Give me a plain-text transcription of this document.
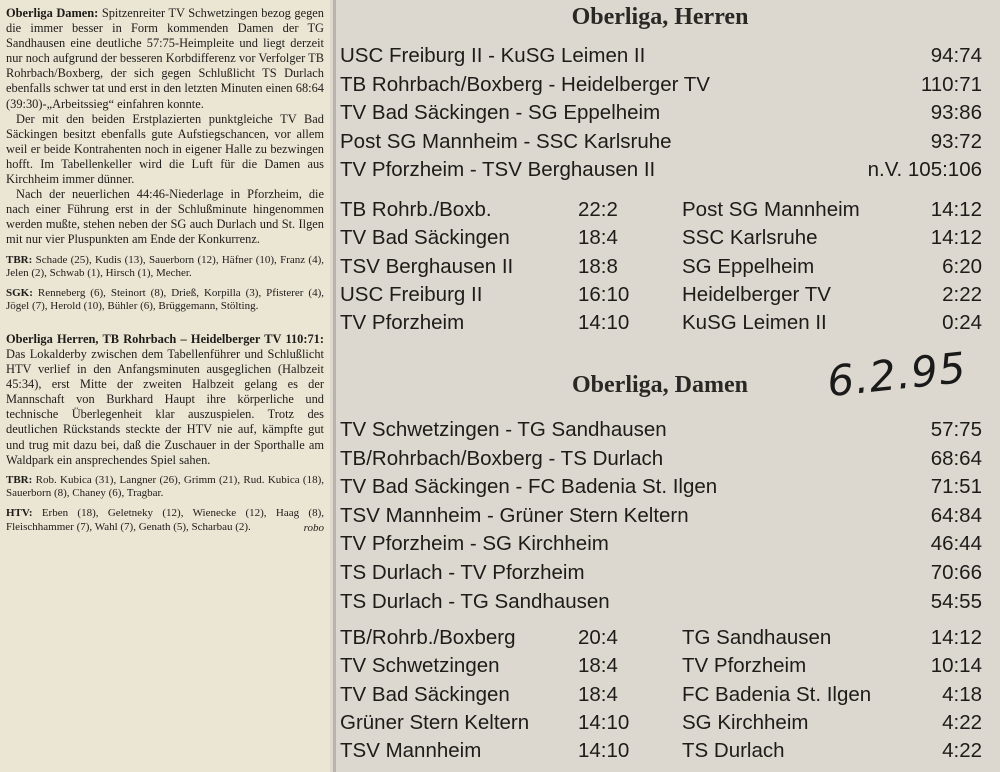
Oberliga Damen: Spitzenreiter TV Schwetzingen bezog gegen die immer besser in Form kommenden Damen der TG Sandhausen eine deutliche 57:75-Heimpleite und liegt derzeit nur noch aufgrund der besseren Korbdifferenz vor Verfolger TB Rohrbach/Boxberg, der sich gegen Schlußlicht TS Durlach ebenfalls schwer tat und erst in den letzten Minuten einen 68:64 (39:30)-„Arbeitssieg“ einfahren konnte.

Der mit den beiden Erstplazierten punktgleiche TV Bad Säckingen besitzt ebenfalls gute Aufstiegschancen, vor allem weil er beide Kontrahenten noch in eigener Halle zu bezwingen hofft. Im Tabellenkeller wird die Luft für die Damen aus Kirchheim immer dünner.

Nach der neuerlichen 44:46-Niederlage in Pforzheim, die nach einer Führung erst in der Schlußminute hingenommen werden mußte, stehen neben der SG auch Durlach und St. Ilgen mit nur vier Pluspunkten am Ende der Konkurrenz.

TBR: Schade (25), Kudis (13), Sauerborn (12), Häfner (10), Franz (4), Jelen (2), Schwab (1), Hirsch (1), Mecher.

SGK: Renneberg (6), Steinort (8), Drieß, Korpilla (3), Pfisterer (4), Jögel (7), Herold (10), Bühler (6), Brüggemann, Stölting.

Oberliga Herren, TB Rohrbach – Heidelberger TV 110:71: Das Lokalderby zwischen dem Tabellenführer und Schlußlicht HTV verlief in den Anfangsminuten ausgeglichen (Halbzeit 45:34), erst Mitte der zweiten Halbzeit gelang es der Mannschaft von Burkhard Haupt ihre körperliche und technische Überlegenheit klar auszuspielen. Trotz des deutlichen Rückstands steckte der HTV nie auf, kämpfte gut und trug mit dazu bei, daß die Zuschauer in der Sporthalle am Waldpark ein ansprechendes Spiel sahen.

TBR: Rob. Kubica (31), Langner (26), Grimm (21), Rud. Kubica (18), Sauerborn (8), Chaney (6), Tragbar.

HTV: Erben (18), Geletneky (12), Wienecke (12), Haag (8), Fleischhammer (7), Wahl (7), Genath (5), Scharbau (2).	robo
Oberliga, Herren
USC Freiburg II - KuSG Leimen II	94:74
TB Rohrbach/Boxberg - Heidelberger TV	110:71
TV Bad Säckingen - SG Eppelheim	93:86
Post SG Mannheim - SSC Karlsruhe	93:72
TV Pforzheim - TSV Berghausen II	n.V. 105:106
TB Rohrb./Boxb.	22:2	Post SG Mannheim	14:12
TV Bad Säckingen	18:4	SSC Karlsruhe	14:12
TSV Berghausen II	18:8	SG Eppelheim	6:20
USC Freiburg II	16:10	Heidelberger TV	2:22
TV Pforzheim	14:10	KuSG Leimen II	0:24
Oberliga, Damen
TV Schwetzingen - TG Sandhausen	57:75
TB/Rohrbach/Boxberg - TS Durlach	68:64
TV Bad Säckingen - FC Badenia St. Ilgen	71:51
TSV Mannheim - Grüner Stern Keltern	64:84
TV Pforzheim - SG Kirchheim	46:44
TS Durlach - TV Pforzheim	70:66
TS Durlach - TG Sandhausen	54:55
TB/Rohrb./Boxberg	20:4	TG Sandhausen	14:12
TV Schwetzingen	18:4	TV Pforzheim	10:14
TV Bad Säckingen	18:4	FC Badenia St. Ilgen	4:18
Grüner Stern Keltern 14:10	SG Kirchheim	4:22
TSV Mannheim	14:10	TS Durlach	4:22
6.2.95
